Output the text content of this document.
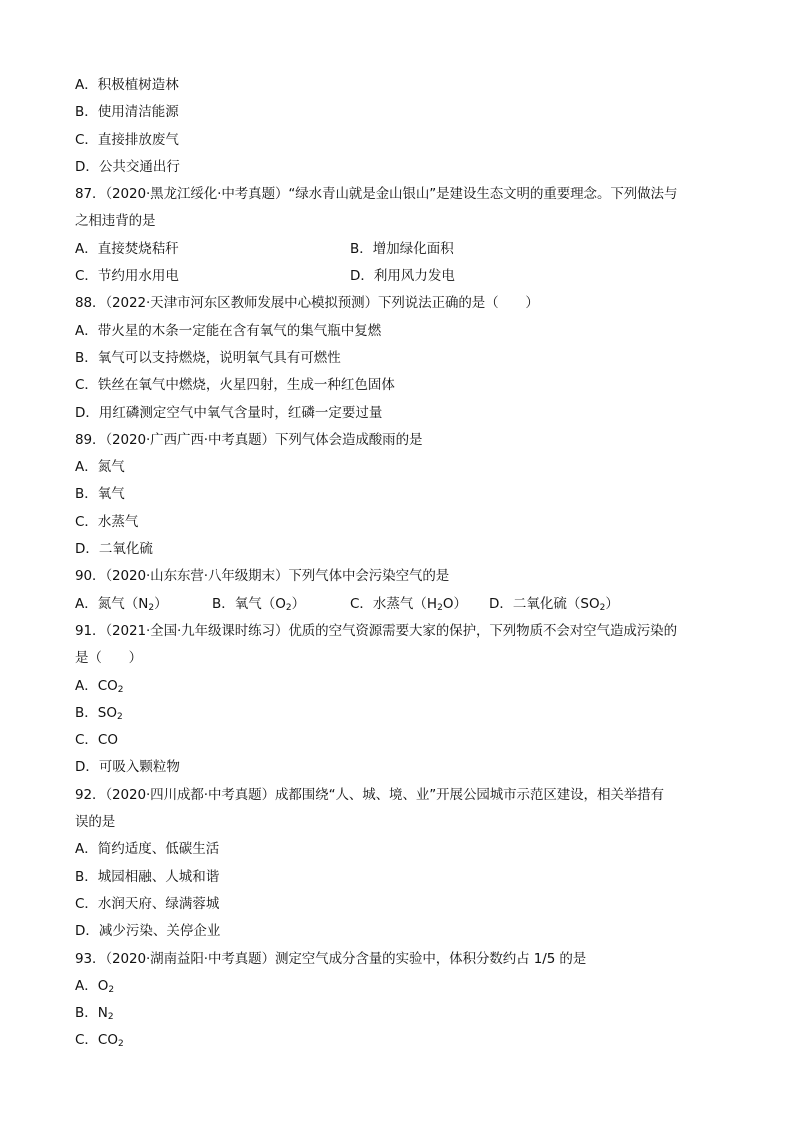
A．积极植树造林
B．使用清洁能源
C．直接排放废气
D．公共交通出行
87．（2020·黑龙江绥化·中考真题）“绿水青山就是金山银山”是建设生态文明的重要理念。下列做法与
之相违背的是
A．直接焚烧秸秆	B．增加绿化面积
C．节约用水用电	D．利用风力发电
88．（2022·天津市河东区教师发展中心模拟预测）下列说法正确的是（　　）
A．带火星的木条一定能在含有氧气的集气瓶中复燃
B．氧气可以支持燃烧，说明氧气具有可燃性
C．铁丝在氧气中燃烧，火星四射，生成一种红色固体
D．用红磷测定空气中氧气含量时，红磷一定要过量
89．（2020·广西广西·中考真题）下列气体会造成酸雨的是
A．氮气
B．氧气
C．水蒸气
D．二氧化硫
90．（2020·山东东营·八年级期末）下列气体中会污染空气的是
A．氮气$(N_2)$	B．氧气$(O_2)$	C．水蒸气$(H_2O)$	D．二氧化硫$(SO_2)$
91．（2021·全国·九年级课时练习）优质的空气资源需要大家的保护，下列物质不会对空气造成污染的
是（　　）
A．$CO_2$
B．$SO_2$
C．CO
D．可吸入颗粒物
92．（2020·四川成都·中考真题）成都围绕“人、城、境、业”开展公园城市示范区建设，相关举措有
误的是
A．简约适度、低碳生活
B．城园相融、人城和谐
C．水润天府、绿满蓉城
D．减少污染、关停企业
93．（2020·湖南益阳·中考真题）测定空气成分含量的实验中，体积分数约占 1/5 的是
A．$O_2$
B．$N_2$
C．$CO_2$
